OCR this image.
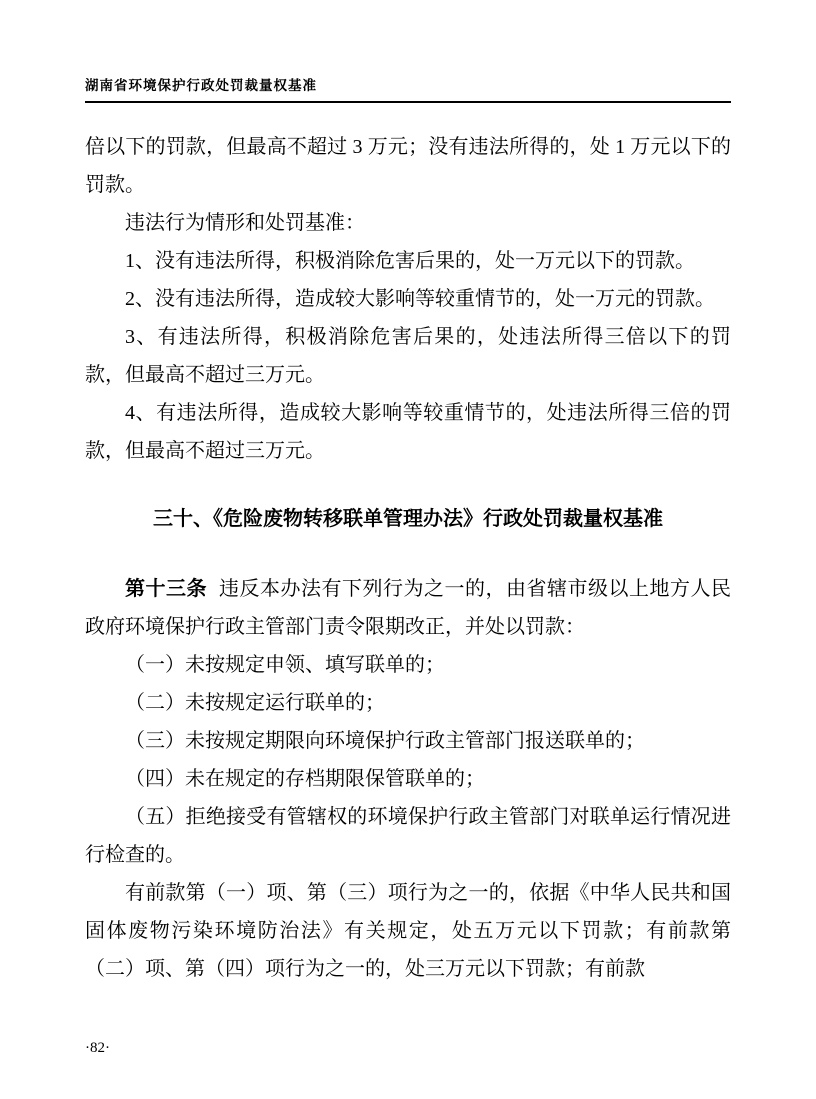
湖南省环境保护行政处罚裁量权基准

倍以下的罚款，但最高不超过 3 万元；没有违法所得的，处 1 万元以下的罚款。

违法行为情形和处罚基准：

1、没有违法所得，积极消除危害后果的，处一万元以下的罚款。

2、没有违法所得，造成较大影响等较重情节的，处一万元的罚款。

3、有违法所得，积极消除危害后果的，处违法所得三倍以下的罚款，但最高不超过三万元。

4、有违法所得，造成较大影响等较重情节的，处违法所得三倍的罚款，但最高不超过三万元。

三十、《危险废物转移联单管理办法》行政处罚裁量权基准

第十三条 违反本办法有下列行为之一的，由省辖市级以上地方人民政府环境保护行政主管部门责令限期改正，并处以罚款：

（一）未按规定申领、填写联单的；

（二）未按规定运行联单的；

（三）未按规定期限向环境保护行政主管部门报送联单的；

（四）未在规定的存档期限保管联单的；

（五）拒绝接受有管辖权的环境保护行政主管部门对联单运行情况进行检查的。

有前款第（一）项、第（三）项行为之一的，依据《中华人民共和国固体废物污染环境防治法》有关规定，处五万元以下罚款；有前款第（二）项、第（四）项行为之一的，处三万元以下罚款；有前款

·82·
